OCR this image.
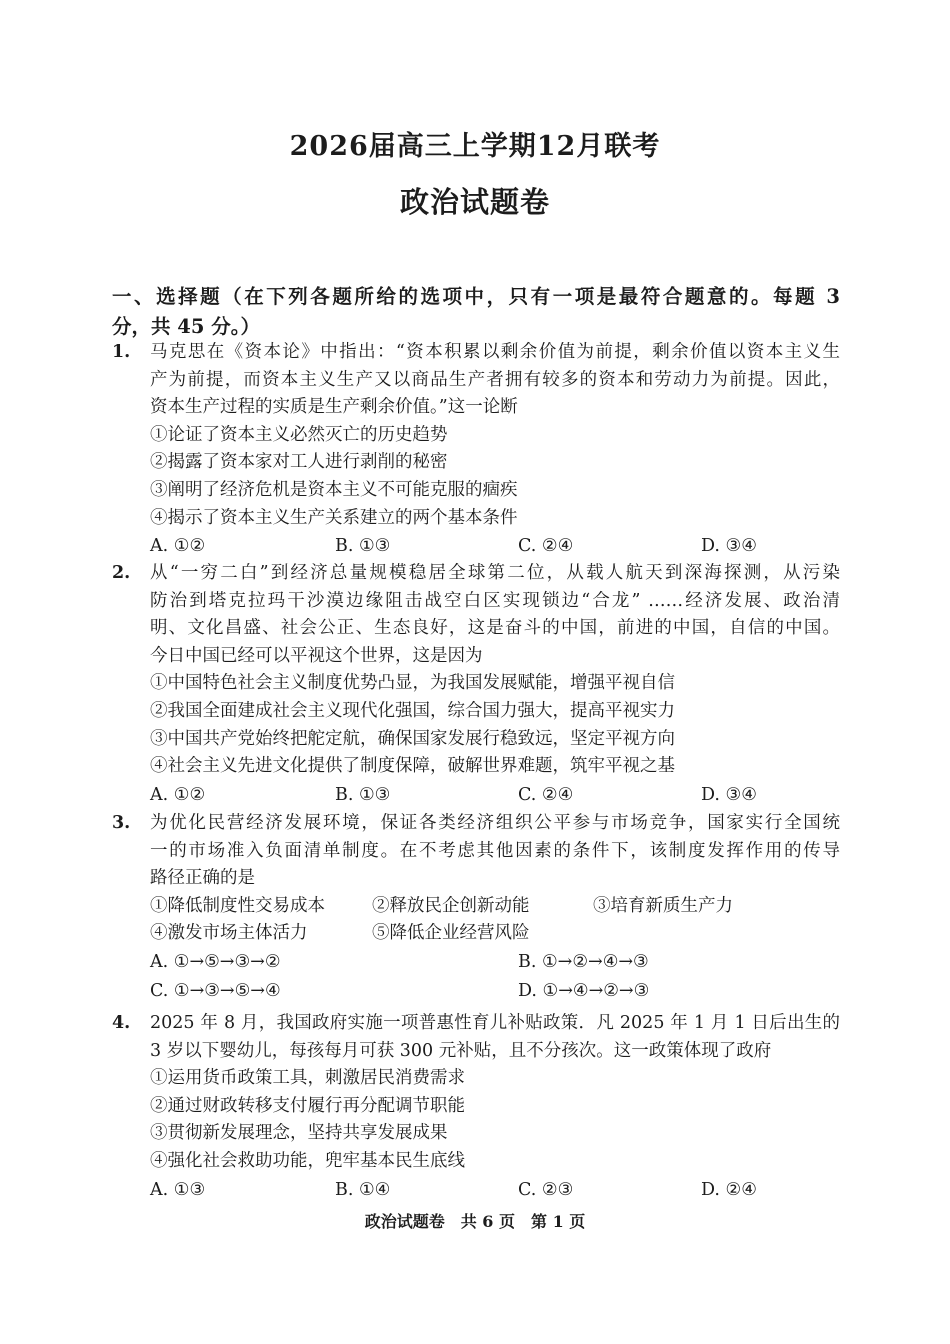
2026届高三上学期12月联考
政治试题卷
一、选择题（在下列各题所给的选项中，只有一项是最符合题意的。每题 3
分，共 45 分。）
1.	马克思在《资本论》中指出：“资本积累以剩余价值为前提，剩余价值以资本主义生
产为前提，而资本主义生产又以商品生产者拥有较多的资本和劳动力为前提。因此，
资本生产过程的实质是生产剩余价值。”这一论断
①论证了资本主义必然灭亡的历史趋势
②揭露了资本家对工人进行剥削的秘密
③阐明了经济危机是资本主义不可能克服的痼疾
④揭示了资本主义生产关系建立的两个基本条件
A. ①②	B. ①③	C. ②④	D. ③④
2.	从“一穷二白”到经济总量规模稳居全球第二位，从载人航天到深海探测，从污染
防治到塔克拉玛干沙漠边缘阻击战空白区实现锁边“合龙” ……经济发展、政治清
明、文化昌盛、社会公正、生态良好，这是奋斗的中国，前进的中国，自信的中国。
今日中国已经可以平视这个世界，这是因为
①中国特色社会主义制度优势凸显，为我国发展赋能，增强平视自信
②我国全面建成社会主义现代化强国，综合国力强大，提高平视实力
③中国共产党始终把舵定航，确保国家发展行稳致远，坚定平视方向
④社会主义先进文化提供了制度保障，破解世界难题，筑牢平视之基
A. ①②	B. ①③	C. ②④	D. ③④
3.	为优化民营经济发展环境，保证各类经济组织公平参与市场竞争，国家实行全国统
一的市场准入负面清单制度。在不考虑其他因素的条件下，该制度发挥作用的传导
路径正确的是
①降低制度性交易成本	②释放民企创新动能	③培育新质生产力
④激发市场主体活力	⑤降低企业经营风险
A. ①→⑤→③→②	B. ①→②→④→③
C. ①→③→⑤→④	D. ①→④→②→③
4.	2025 年 8 月，我国政府实施一项普惠性育儿补贴政策．凡 2025 年 1 月 1 日后出生的
3 岁以下婴幼儿，每孩每月可获 300 元补贴，且不分孩次。这一政策体现了政府
①运用货币政策工具，刺激居民消费需求
②通过财政转移支付履行再分配调节职能
③贯彻新发展理念，坚持共享发展成果
④强化社会救助功能，兜牢基本民生底线
A. ①③	B. ①④	C. ②③	D. ②④
政治试题卷　共 6 页　第 1 页
